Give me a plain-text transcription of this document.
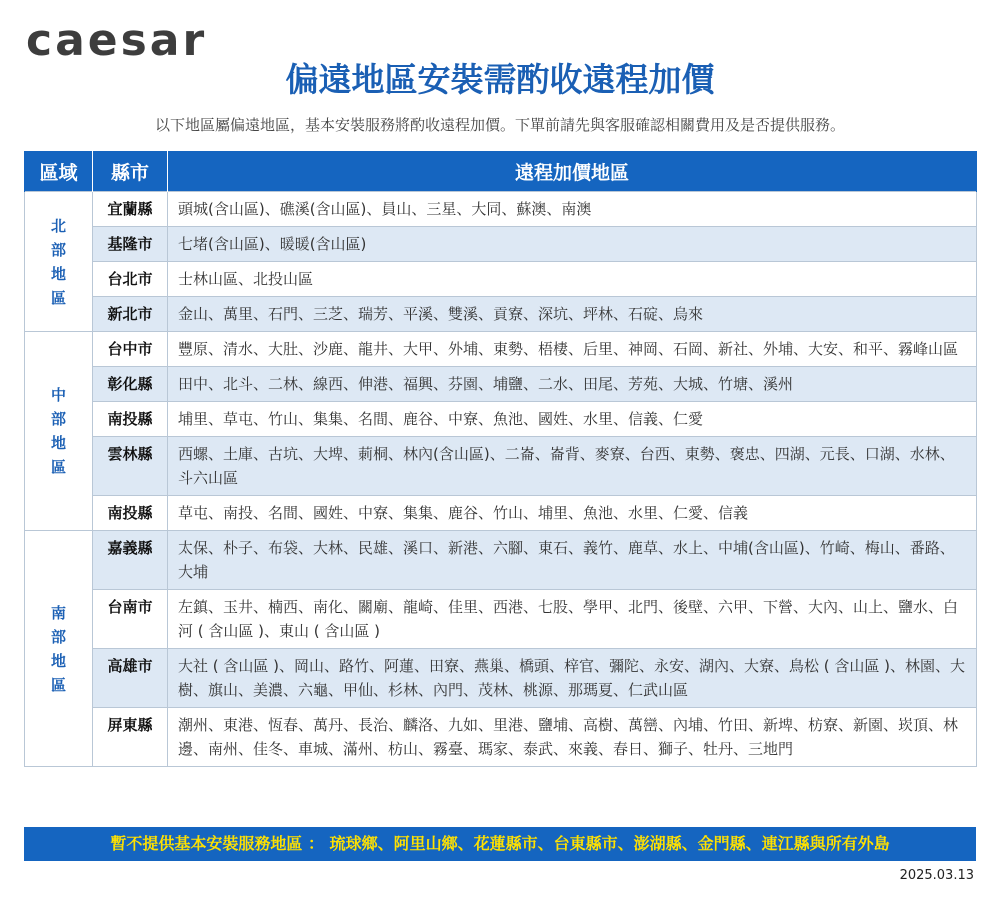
caesar
偏遠地區安裝需酌收遠程加價
以下地區屬偏遠地區，基本安裝服務將酌收遠程加價。下單前請先與客服確認相關費用及是否提供服務。
區域	縣市	遠程加價地區

北
部
地
區	宜蘭縣	頭城(含山區)、礁溪(含山區)、員山、三星、大同、蘇澳、南澳
	基隆市	七堵(含山區)、暖暖(含山區)
	台北市	士林山區、北投山區
	新北市	金山、萬里、石門、三芝、瑞芳、平溪、雙溪、貢寮、深坑、坪林、石碇、烏來

中
部
地
區	台中市	豐原、清水、大肚、沙鹿、龍井、大甲、外埔、東勢、梧棲、后里、神岡、石岡、新社、外埔、大安、和平、霧峰山區
	彰化縣	田中、北斗、二林、線西、伸港、福興、芬園、埔鹽、二水、田尾、芳苑、大城、竹塘、溪州
	南投縣	埔里、草屯、竹山、集集、名間、鹿谷、中寮、魚池、國姓、水里、信義、仁愛
	雲林縣	西螺、土庫、古坑、大埤、莿桐、林內(含山區)、二崙、崙背、麥寮、台西、東勢、褒忠、四湖、元長、口湖、水林、斗六山區
	南投縣	草屯、南投、名間、國姓、中寮、集集、鹿谷、竹山、埔里、魚池、水里、仁愛、信義

南
部
地
區	嘉義縣	太保、朴子、布袋、大林、民雄、溪口、新港、六腳、東石、義竹、鹿草、水上、中埔(含山區)、竹崎、梅山、番路、大埔
	台南市	左鎮、玉井、楠西、南化、關廟、龍崎、佳里、西港、七股、學甲、北門、後壁、六甲、下營、大內、山上、鹽水、白河 ( 含山區 )、東山 ( 含山區 )
	高雄市	大社 ( 含山區 )、岡山、路竹、阿蓮、田寮、燕巢、橋頭、梓官、彌陀、永安、湖內、大寮、鳥松 ( 含山區 )、林園、大樹、旗山、美濃、六龜、甲仙、杉林、內門、茂林、桃源、那瑪夏、仁武山區
	屏東縣	潮州、東港、恆春、萬丹、長治、麟洛、九如、里港、鹽埔、高樹、萬巒、內埔、竹田、新埤、枋寮、新園、崁頂、林邊、南州、佳冬、車城、滿州、枋山、霧臺、瑪家、泰武、來義、春日、獅子、牡丹、三地門
暫不提供基本安裝服務地區 ： 琉球鄉、阿里山鄉、花蓮縣市、台東縣市、澎湖縣、金門縣、連江縣與所有外島
2025.03.13
